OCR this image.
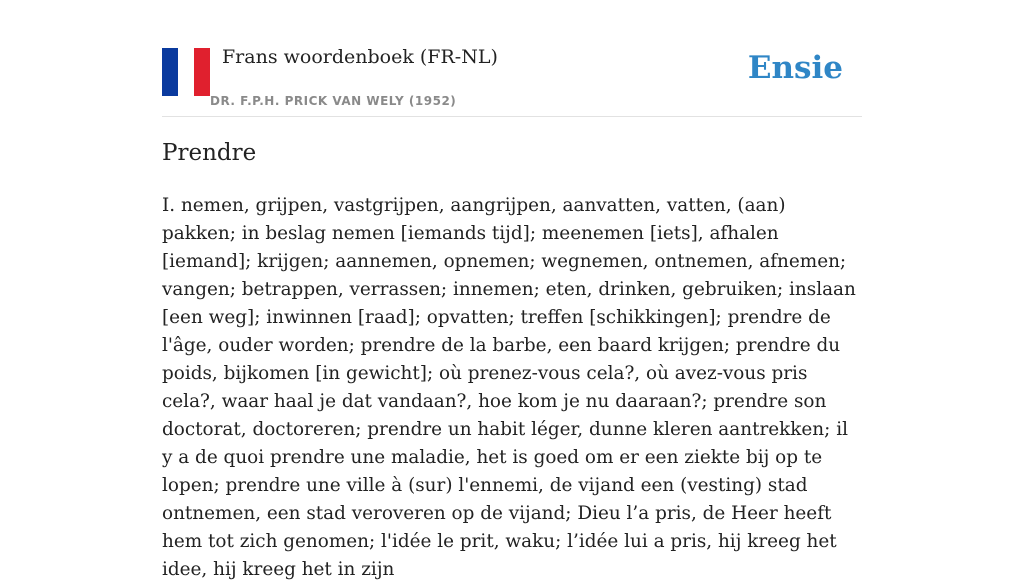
Frans woordenboek (FR-NL)
DR. F.P.H. PRICK VAN WELY (1952)
Ensie
Prendre

I. nemen, grijpen, vastgrijpen, aangrijpen, aanvatten, vatten, (aan) pakken; in beslag nemen [iemands tijd]; meenemen [iets], afhalen [iemand]; krijgen; aannemen, opnemen; wegnemen, ontnemen, afnemen; vangen; betrappen, verrassen; innemen; eten, drinken, gebruiken; inslaan [een weg]; inwinnen [raad]; opvatten; treffen [schikkingen]; prendre de l'âge, ouder worden; prendre de la barbe, een baard krijgen; prendre du poids, bijkomen [in gewicht]; où prenez-vous cela?, où avez-vous pris cela?, waar haal je dat vandaan?, hoe kom je nu daaraan?; prendre son doctorat, doctoreren; prendre un habit léger, dunne kleren aantrekken; il y a de quoi prendre une maladie, het is goed om er een ziekte bij op te lopen; prendre une ville à (sur) l'ennemi, de vijand een (vesting) stad ontnemen, een stad veroveren op de vijand; Dieu l’a pris, de Heer heeft hem tot zich genomen; l'idée le prit, waku; l’idée lui a pris, hij kreeg het idee, hij kreeg het in zijn
